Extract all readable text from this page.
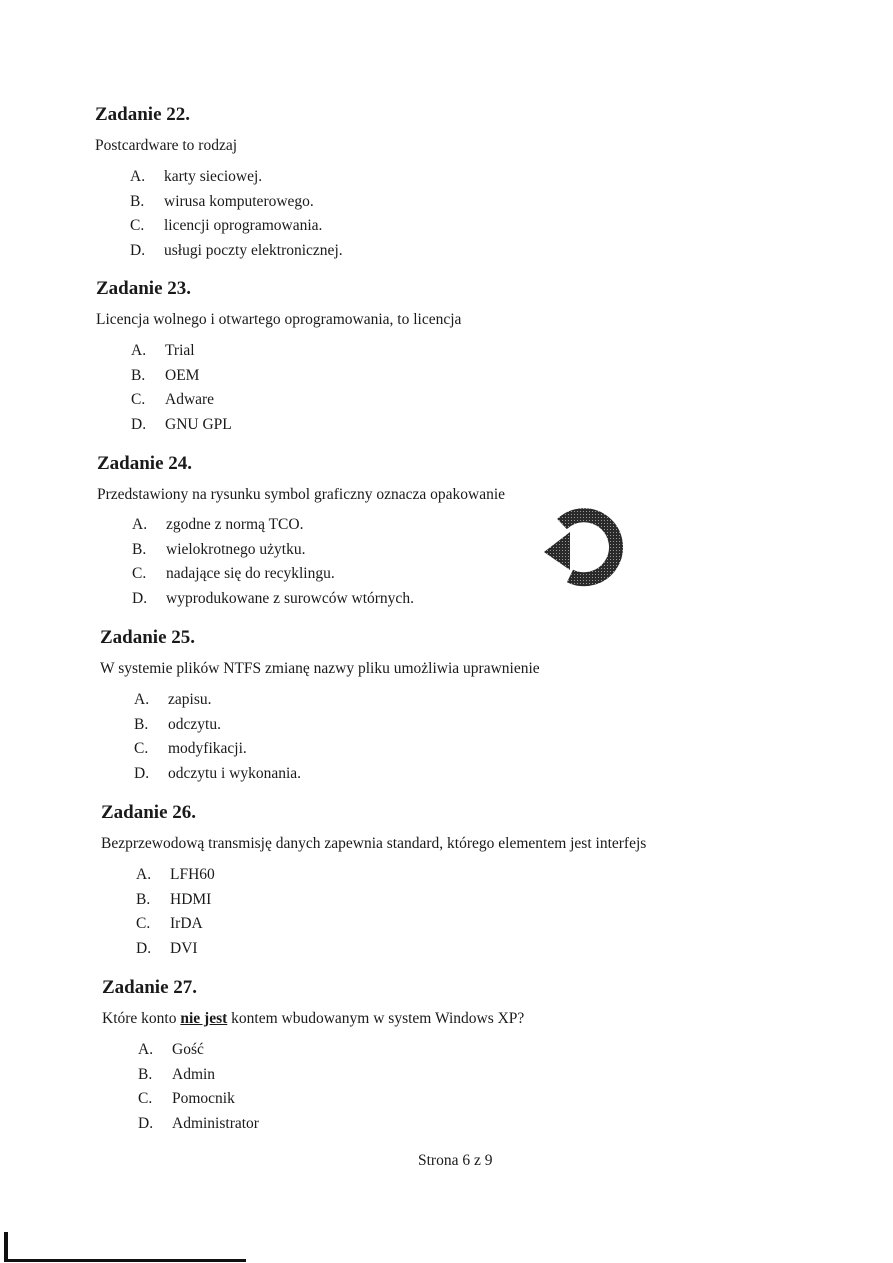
Zadanie 22.
Postcardware to rodzaj
A. karty sieciowej.
B. wirusa komputerowego.
C. licencji oprogramowania.
D. usługi poczty elektronicznej.
Zadanie 23.
Licencja wolnego i otwartego oprogramowania, to licencja
A. Trial
B. OEM
C. Adware
D. GNU GPL
Zadanie 24.
Przedstawiony na rysunku symbol graficzny oznacza opakowanie
A. zgodne z normą TCO.
B. wielokrotnego użytku.
C. nadające się do recyklingu.
D. wyprodukowane z surowców wtórnych.
Zadanie 25.
W systemie plików NTFS zmianę nazwy pliku umożliwia uprawnienie
A. zapisu.
B. odczytu.
C. modyfikacji.
D. odczytu i wykonania.
Zadanie 26.
Bezprzewodową transmisję danych zapewnia standard, którego elementem jest interfejs
A. LFH60
B. HDMI
C. IrDA
D. DVI
Zadanie 27.
Które konto nie jest kontem wbudowanym w system Windows XP?
A. Gość
B. Admin
C. Pomocnik
D. Administrator
Strona 6 z 9
